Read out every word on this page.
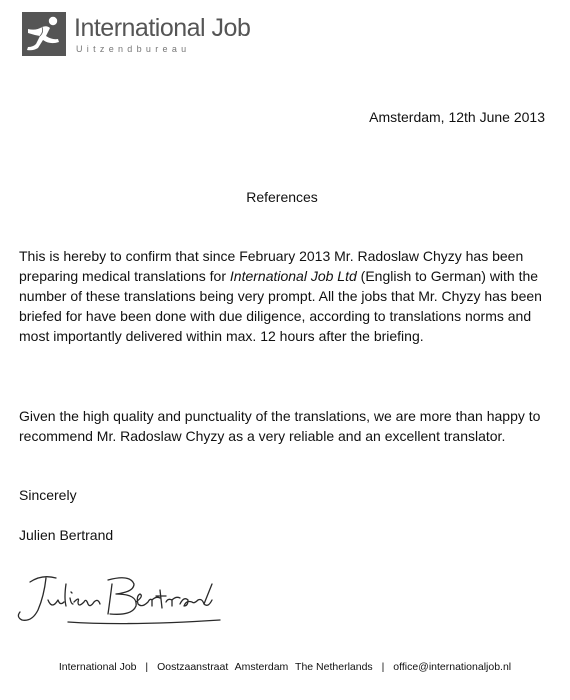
International Job
Uitzendbureau
Amsterdam, 12th June 2013
References

This is hereby to confirm that since February 2013 Mr. Radoslaw Chyzy has been preparing medical translations for International Job Ltd (English to German) with the number of these translations being very prompt. All the jobs that Mr. Chyzy has been briefed for have been done with due diligence, according to translations norms and most importantly delivered within max. 12 hours after the briefing.

Given the high quality and punctuality of the translations, we are more than happy to recommend Mr. Radoslaw Chyzy as a very reliable and an excellent translator.

Sincerely
Julien Bertrand
International Job | Oostzaanstraat Amsterdam The Netherlands | office@internationaljob.nl
